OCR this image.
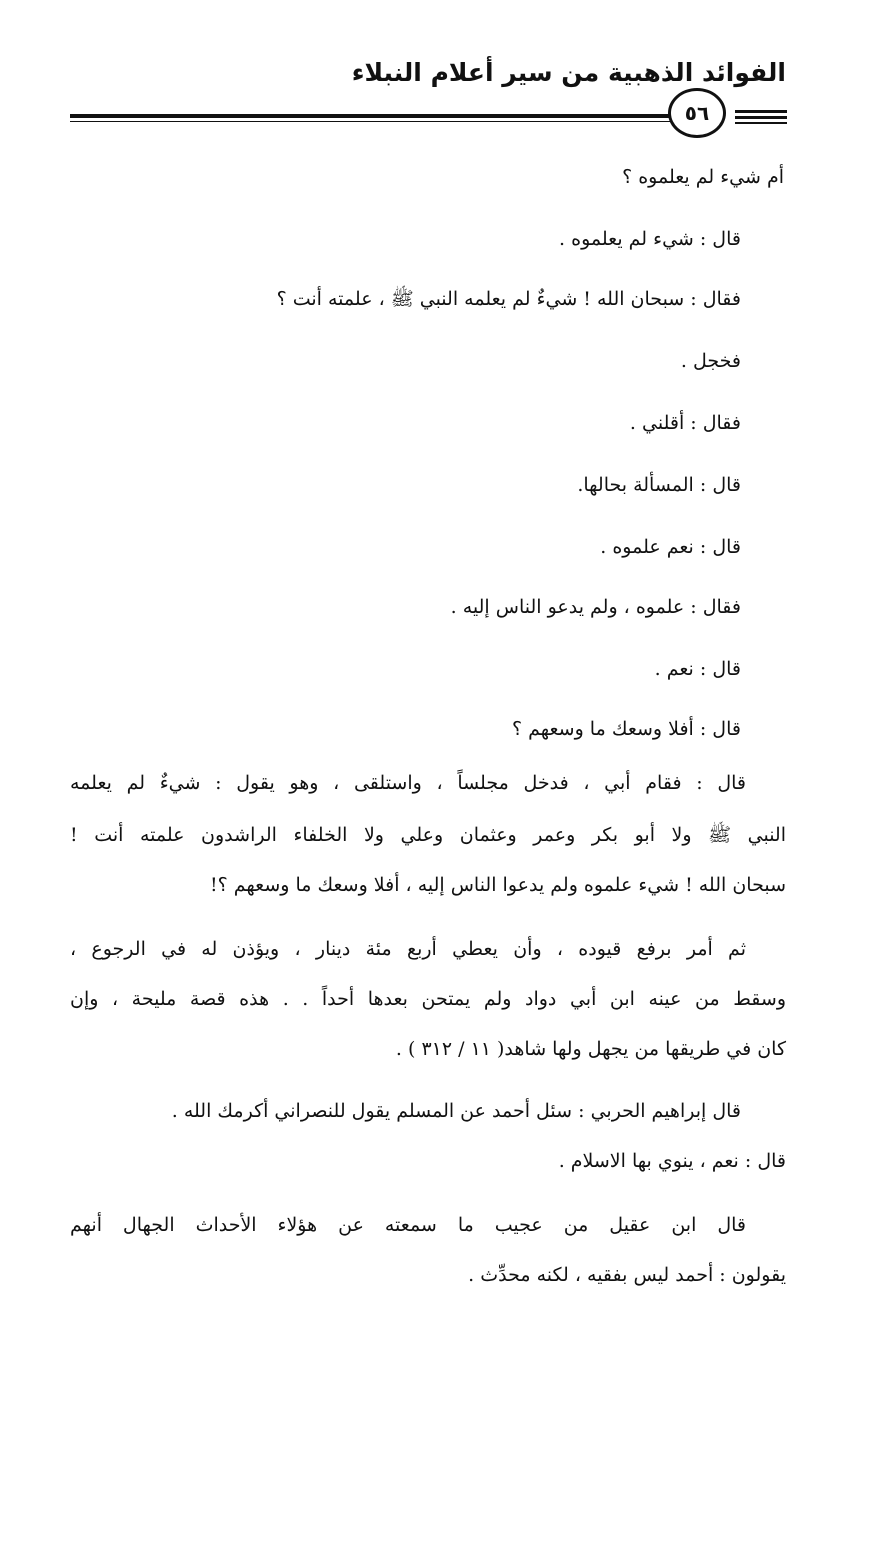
الفوائد الذهبية من سير أعلام النبلاء
٥٦
أم شيء لم يعلموه ؟
قال : شيء لم يعلموه .
فقال : سبحان الله ! شيءٌ لم يعلمه النبي ﷺ ، علمته أنت ؟
فخجل .
فقال : أقلني .
قال : المسألة بحالها.
قال : نعم علموه .
فقال : علموه ، ولم يدعو الناس إليه .
قال : نعم .
قال : أفلا وسعك ما وسعهم ؟
قال : فقام أبي ، فدخل مجلساً ، واستلقى ، وهو يقول : شيءٌ لم يعلمه
النبي ﷺ ولا أبو بكر وعمر وعثمان وعلي ولا الخلفاء الراشدون علمته أنت !
سبحان الله ! شيء علموه ولم يدعوا الناس إليه ، أفلا وسعك ما وسعهم ؟!
ثم أمر برفع قيوده ، وأن يعطي أربع مئة دينار ، ويؤذن له في الرجوع ،
وسقط من عينه ابن أبي دواد ولم يمتحن بعدها أحداً . . هذه قصة مليحة ، وإن
كان في طريقها من يجهل ولها شاهد( ١١ / ٣١٢ ) .
قال إبراهيم الحربي : سئل أحمد عن المسلم يقول للنصراني أكرمك الله .
قال : نعم ، ينوي بها الاسلام .
قال ابن عقيل من عجيب ما سمعته عن هؤلاء الأحداث الجهال أنهم
يقولون : أحمد ليس بفقيه ، لكنه محدِّث .
